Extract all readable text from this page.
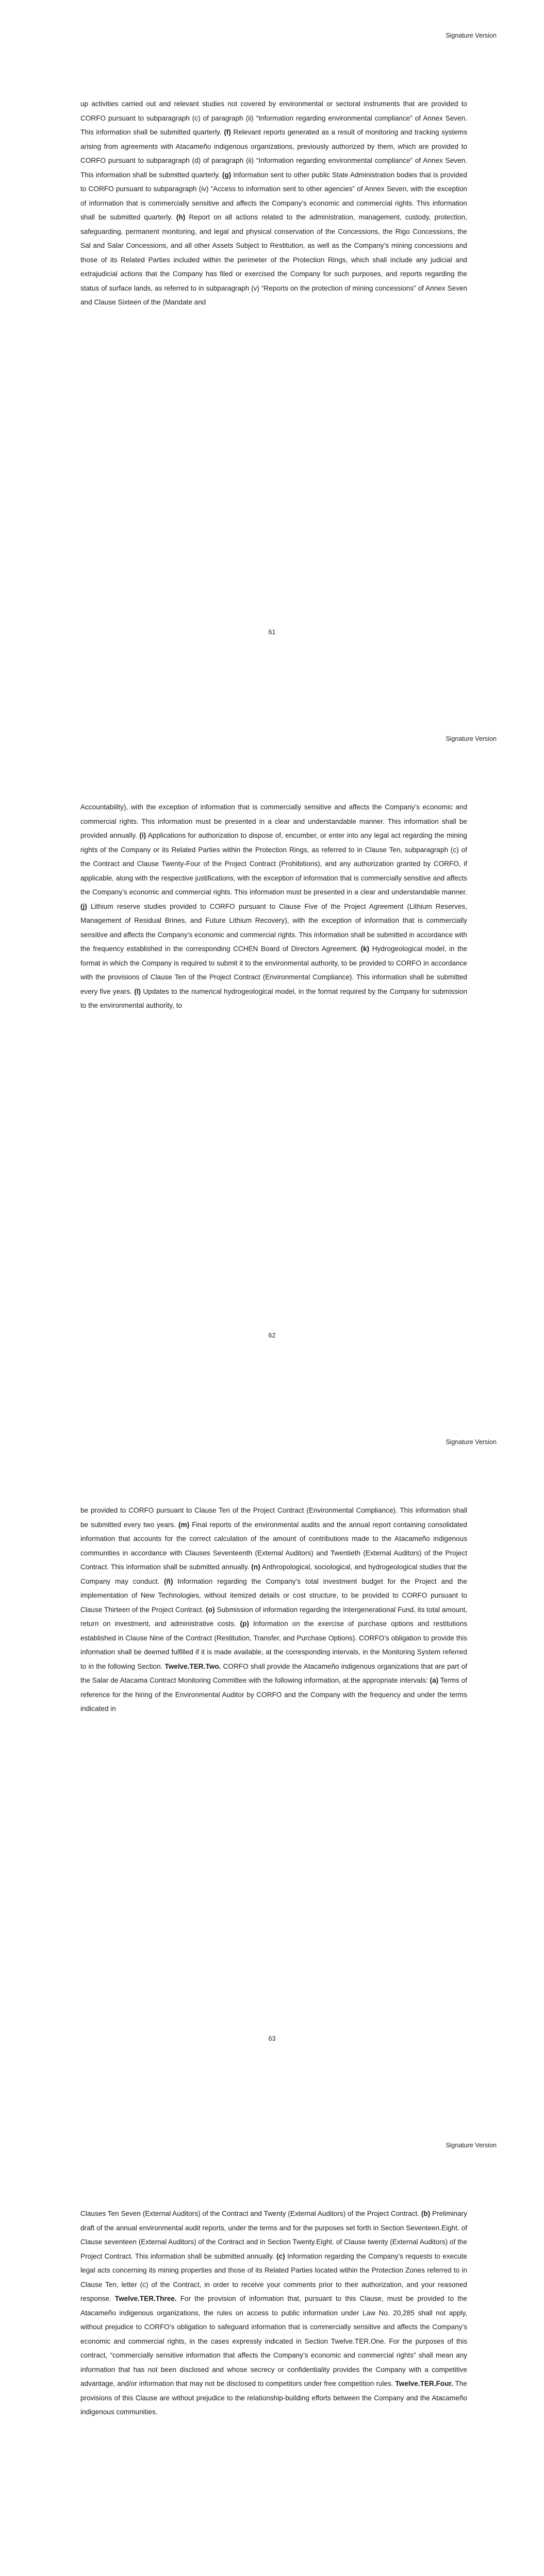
Signature Version

up activities carried out and relevant studies not covered by environmental or sectoral instruments that are provided to CORFO pursuant to subparagraph (c) of paragraph (ii) “Information regarding environmental compliance” of Annex Seven. This information shall be submitted quarterly. (f) Relevant reports generated as a result of monitoring and tracking systems arising from agreements with Atacameño indigenous organizations, previously authorized by them, which are provided to CORFO pursuant to subparagraph (d) of paragraph (ii) “Information regarding environmental compliance” of Annex Seven. This information shall be submitted quarterly. (g) Information sent to other public State Administration bodies that is provided to CORFO pursuant to subparagraph (iv) “Access to information sent to other agencies” of Annex Seven, with the exception of information that is commercially sensitive and affects the Company’s economic and commercial rights. This information shall be submitted quarterly. (h) Report on all actions related to the administration, management, custody, protection, safeguarding, permanent monitoring, and legal and physical conservation of the Concessions, the Rigo Concessions, the Sal and Salar Concessions, and all other Assets Subject to Restitution, as well as the Company’s mining concessions and those of its Related Parties included within the perimeter of the Protection Rings, which shall include any judicial and extrajudicial actions that the Company has filed or exercised the Company for such purposes, and reports regarding the status of surface lands, as referred to in subparagraph (v) “Reports on the protection of mining concessions” of Annex Seven and Clause Sixteen of the (Mandate and

61
Signature Version

Accountability), with the exception of information that is commercially sensitive and affects the Company’s economic and commercial rights. This information must be presented in a clear and understandable manner. This information shall be provided annually. (i) Applications for authorization to dispose of, encumber, or enter into any legal act regarding the mining rights of the Company or its Related Parties within the Protection Rings, as referred to in Clause Ten, subparagraph (c) of the Contract and Clause Twenty-Four of the Project Contract (Prohibitions), and any authorization granted by CORFO, if applicable, along with the respective justifications, with the exception of information that is commercially sensitive and affects the Company’s economic and commercial rights. This information must be presented in a clear and understandable manner. (j) Lithium reserve studies provided to CORFO pursuant to Clause Five of the Project Agreement (Lithium Reserves, Management of Residual Brines, and Future Lithium Recovery), with the exception of information that is commercially sensitive and affects the Company’s economic and commercial rights. This information shall be submitted in accordance with the frequency established in the corresponding CCHEN Board of Directors Agreement. (k) Hydrogeological model, in the format in which the Company is required to submit it to the environmental authority, to be provided to CORFO in accordance with the provisions of Clause Ten of the Project Contract (Environmental Compliance). This information shall be submitted every five years. (l) Updates to the numerical hydrogeological model, in the format required by the Company for submission to the environmental authority, to

62
Signature Version

be provided to CORFO pursuant to Clause Ten of the Project Contract (Environmental Compliance). This information shall be submitted every two years. (m) Final reports of the environmental audits and the annual report containing consolidated information that accounts for the correct calculation of the amount of contributions made to the Atacameño indigenous communities in accordance with Clauses Seventeenth (External Auditors) and Twentieth (External Auditors) of the Project Contract. This information shall be submitted annually. (n) Anthropological, sociological, and hydrogeological studies that the Company may conduct. (ñ) Information regarding the Company’s total investment budget for the Project and the implementation of New Technologies, without itemized details or cost structure, to be provided to CORFO pursuant to Clause Thirteen of the Project Contract. (o) Submission of information regarding the Intergenerational Fund, its total amount, return on investment, and administrative costs. (p) Information on the exercise of purchase options and restitutions established in Clause Nine of the Contract (Restitution, Transfer, and Purchase Options). CORFO’s obligation to provide this information shall be deemed fulfilled if it is made available, at the corresponding intervals, in the Monitoring System referred to in the following Section. Twelve.TER.Two. CORFO shall provide the Atacameño indigenous organizations that are part of the Salar de Atacama Contract Monitoring Committee with the following information, at the appropriate intervals: (a) Terms of reference for the hiring of the Environmental Auditor by CORFO and the Company with the frequency and under the terms indicated in

63
Signature Version

Clauses Ten Seven (External Auditors) of the Contract and Twenty (External Auditors) of the Project Contract. (b) Preliminary draft of the annual environmental audit reports, under the terms and for the purposes set forth in Section Seventeen.Eight. of Clause seventeen (External Auditors) of the Contract and in Section Twenty.Eight. of Clause twenty (External Auditors) of the Project Contract. This information shall be submitted annually. (c) Information regarding the Company’s requests to execute legal acts concerning its mining properties and those of its Related Parties located within the Protection Zones referred to in Clause Ten, letter (c) of the Contract, in order to receive your comments prior to their authorization, and your reasoned response. Twelve.TER.Three. For the provision of information that, pursuant to this Clause, must be provided to the Atacameño indigenous organizations, the rules on access to public information under Law No. 20,285 shall not apply, without prejudice to CORFO’s obligation to safeguard information that is commercially sensitive and affects the Company’s economic and commercial rights, in the cases expressly indicated in Section Twelve.TER.One. For the purposes of this contract, “commercially sensitive information that affects the Company’s economic and commercial rights” shall mean any information that has not been disclosed and whose secrecy or confidentiality provides the Company with a competitive advantage, and/or information that may not be disclosed to competitors under free competition rules. Twelve.TER.Four. The provisions of this Clause are without prejudice to the relationship-building efforts between the Company and the Atacameño indigenous communities.
